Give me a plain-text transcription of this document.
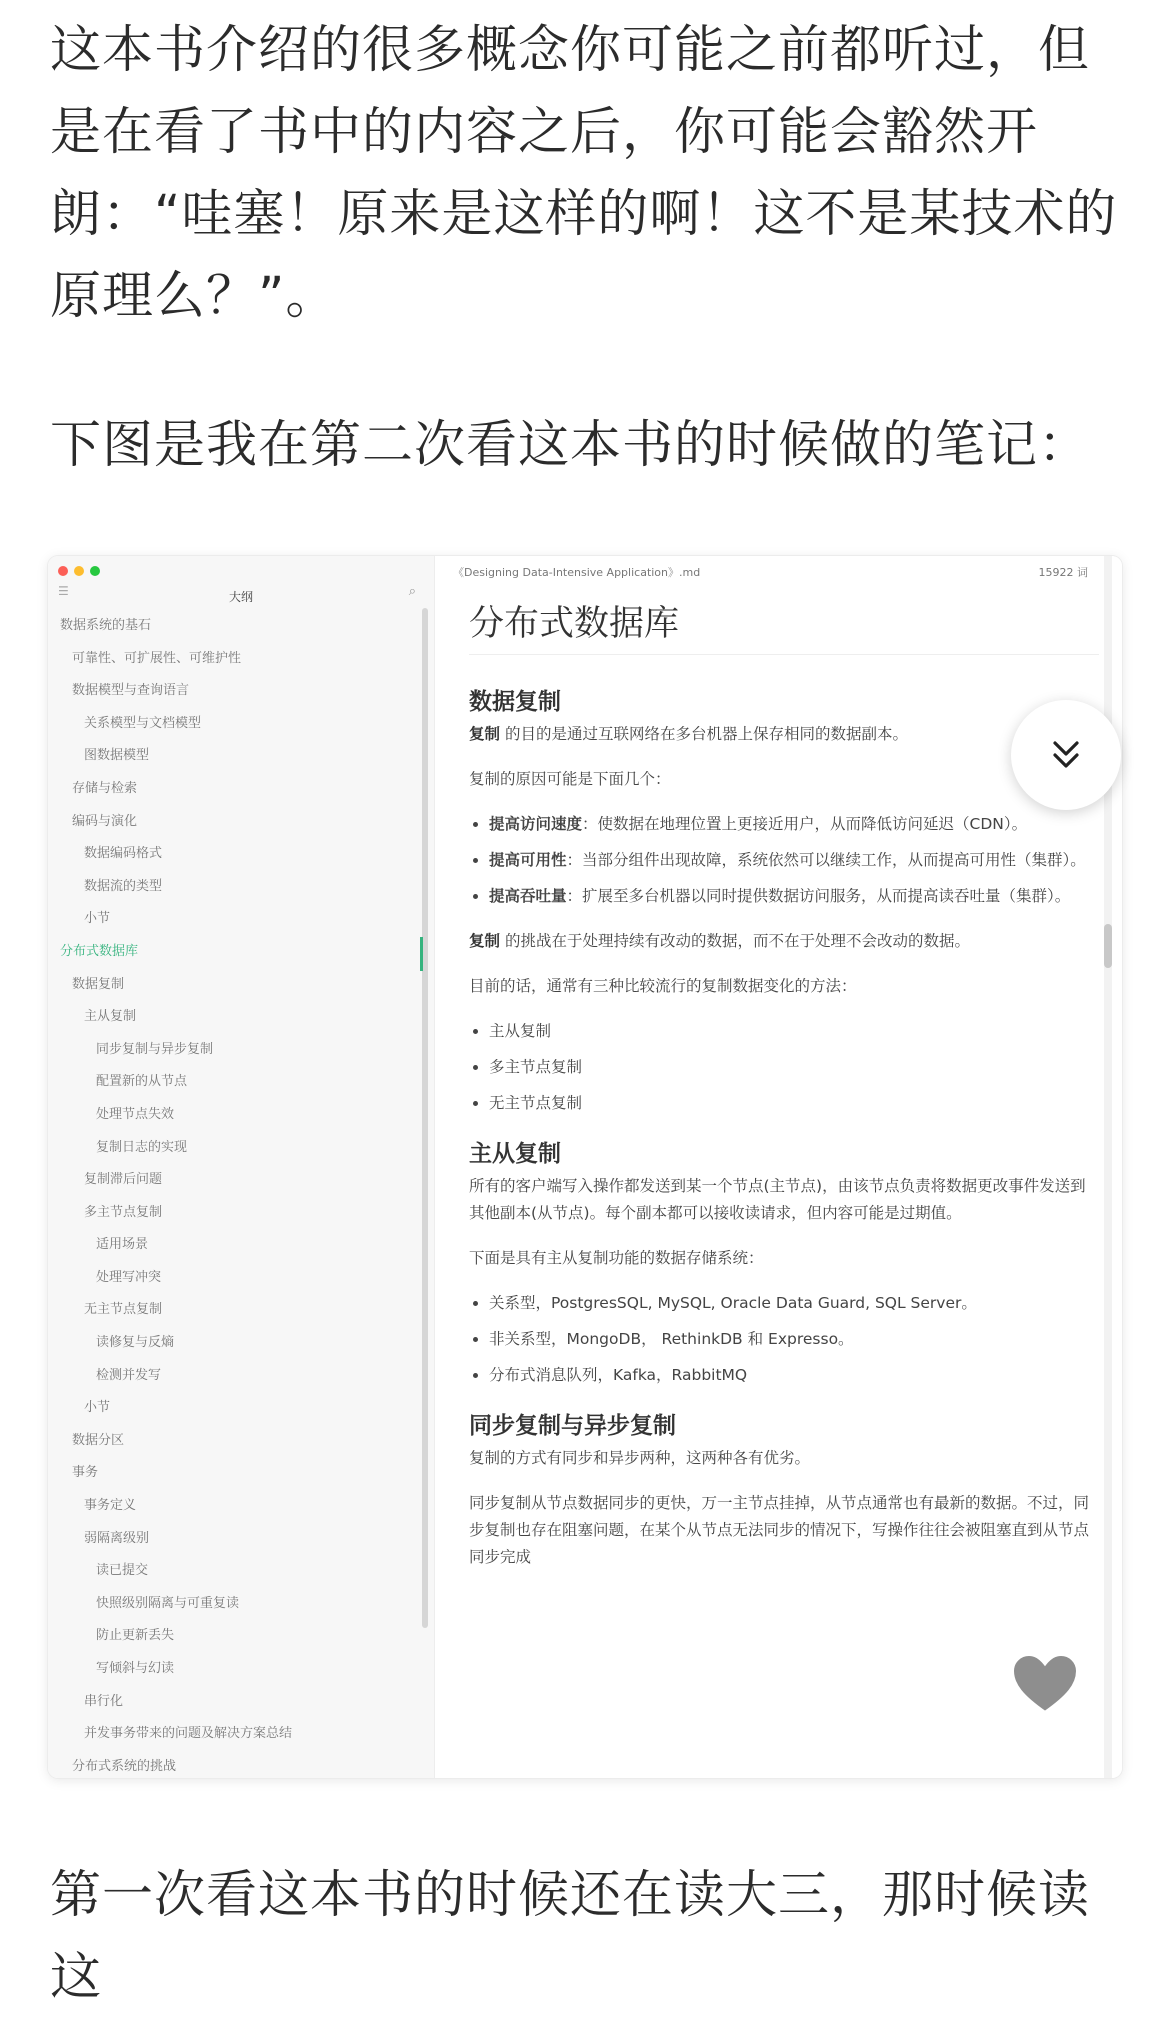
这本书介绍的很多概念你可能之前都听过，但是在看了书中的内容之后，你可能会豁然开朗：“哇塞！原来是这样的啊！这不是某技术的原理么？”。

下图是我在第二次看这本书的时候做的笔记：

☰	大纲	⌕
数据系统的基石
可靠性、可扩展性、可维护性
数据模型与查询语言
关系模型与文档模型
图数据模型
存储与检索
编码与演化
数据编码格式
数据流的类型
小节
分布式数据库
数据复制
主从复制
同步复制与异步复制
配置新的从节点
处理节点失效
复制日志的实现
复制滞后问题
多主节点复制
适用场景
处理写冲突
无主节点复制
读修复与反熵
检测并发写
小节
数据分区
事务
事务定义
弱隔离级别
读已提交
快照级别隔离与可重复读
防止更新丢失
写倾斜与幻读
串行化
并发事务带来的问题及解决方案总结
分布式系统的挑战
《Designing Data-Intensive Application》.md	15922 词
分布式数据库
数据复制

复制 的目的是通过互联网络在多台机器上保存相同的数据副本。

复制的原因可能是下面几个：

• 提高访问速度：使数据在地理位置上更接近用户，从而降低访问延迟（CDN）。
• 提高可用性：当部分组件出现故障，系统依然可以继续工作，从而提高可用性（集群）。
• 提高吞吐量：扩展至多台机器以同时提供数据访问服务，从而提高读吞吐量（集群）。

复制 的挑战在于处理持续有改动的数据，而不在于处理不会改动的数据。

目前的话，通常有三种比较流行的复制数据变化的方法：

• 主从复制
• 多主节点复制
• 无主节点复制
主从复制

所有的客户端写入操作都发送到某一个节点(主节点)，由该节点负责将数据更改事件发送到其他副本(从节点)。每个副本都可以接收读请求，但内容可能是过期值。

下面是具有主从复制功能的数据存储系统：

• 关系型，PostgresSQL, MySQL, Oracle Data Guard, SQL Server。
• 非关系型，MongoDB， RethinkDB 和 Expresso。
• 分布式消息队列，Kafka，RabbitMQ
同步复制与异步复制

复制的方式有同步和异步两种，这两种各有优劣。

同步复制从节点数据同步的更快，万一主节点挂掉，从节点通常也有最新的数据。不过，同步复制也存在阻塞问题，在某个从节点无法同步的情况下，写操作往往会被阻塞直到从节点同步完成

第一次看这本书的时候还在读大三，那时候读这
